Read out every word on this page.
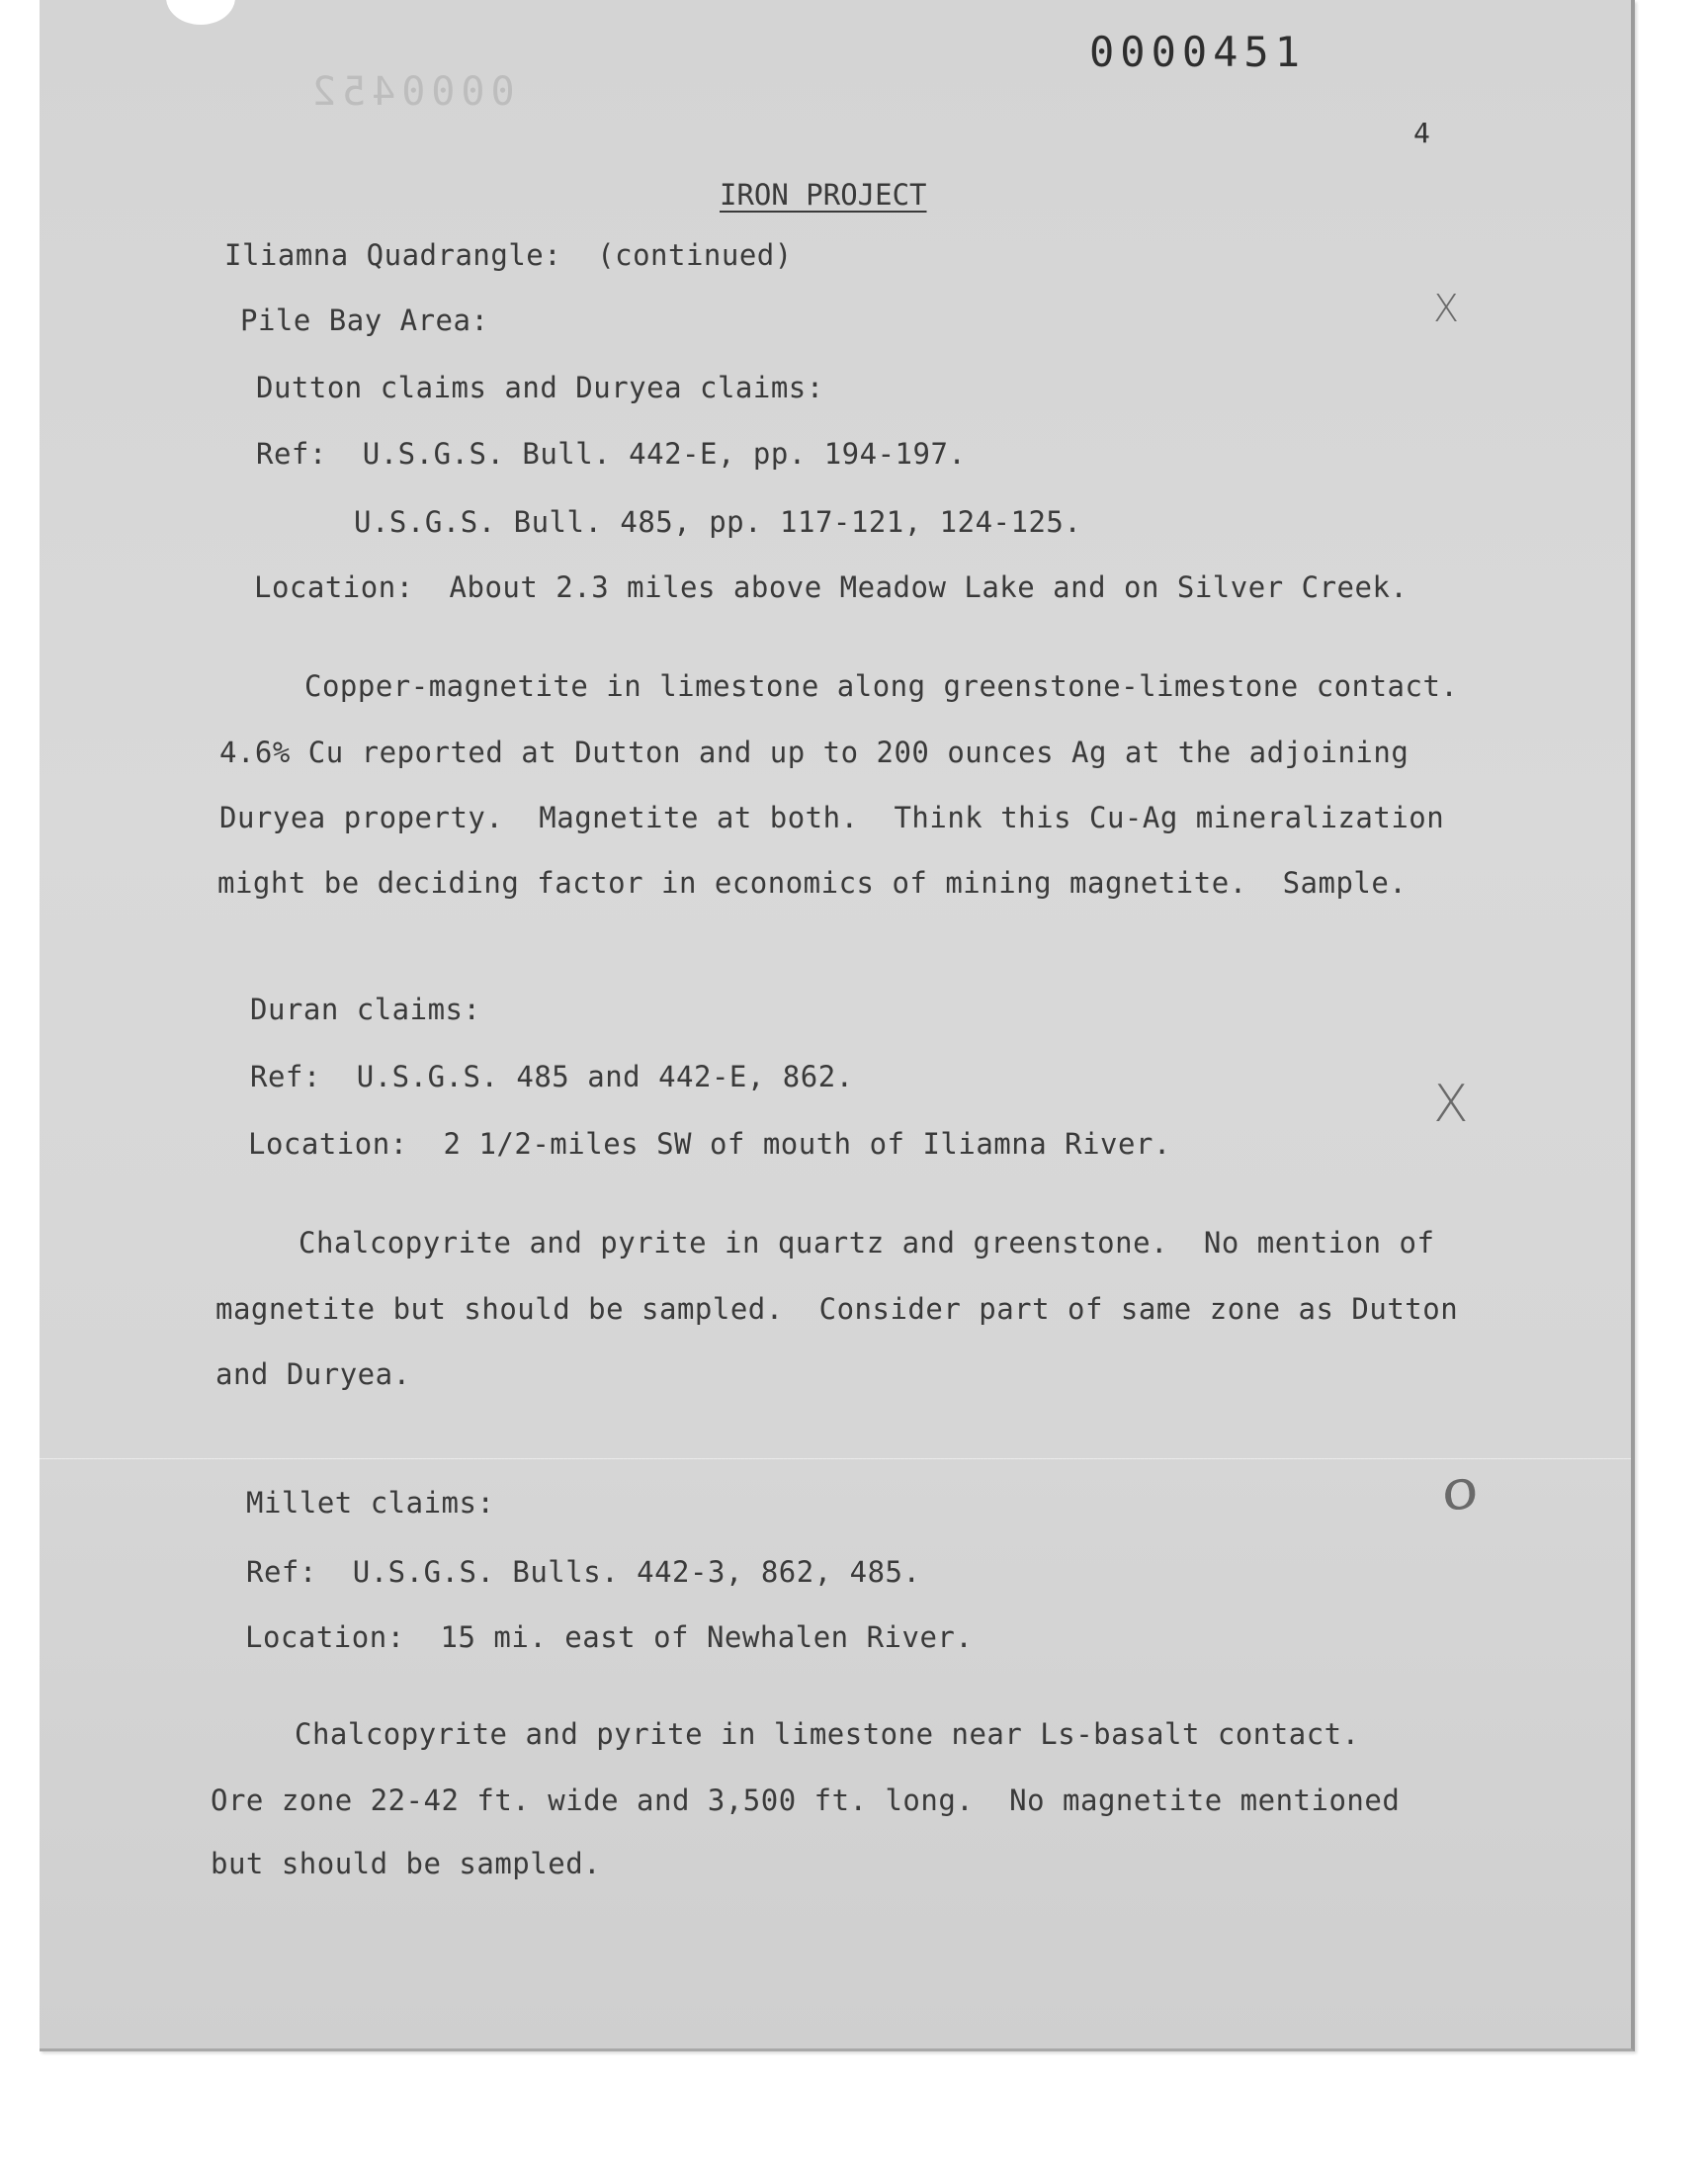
0000452
0000451
4
IRON PROJECT
Iliamna Quadrangle:  (continued)
Pile Bay Area:
Dutton claims and Duryea claims:
Ref:  U.S.G.S. Bull. 442-E, pp. 194-197.
U.S.G.S. Bull. 485, pp. 117-121, 124-125.
Location:  About 2.3 miles above Meadow Lake and on Silver Creek.
Copper-magnetite in limestone along greenstone-limestone contact.
4.6% Cu reported at Dutton and up to 200 ounces Ag at the adjoining
Duryea property.  Magnetite at both.  Think this Cu-Ag mineralization
might be deciding factor in economics of mining magnetite.  Sample.
X
Duran claims:
Ref:  U.S.G.S. 485 and 442-E, 862.
Location:  2 1/2-miles SW of mouth of Iliamna River.
Chalcopyrite and pyrite in quartz and greenstone.  No mention of
magnetite but should be sampled.  Consider part of same zone as Dutton
and Duryea.
X
Millet claims:
Ref:  U.S.G.S. Bulls. 442-3, 862, 485.
Location:  15 mi. east of Newhalen River.
Chalcopyrite and pyrite in limestone near Ls-basalt contact.
Ore zone 22-42 ft. wide and 3,500 ft. long.  No magnetite mentioned
but should be sampled.
0
